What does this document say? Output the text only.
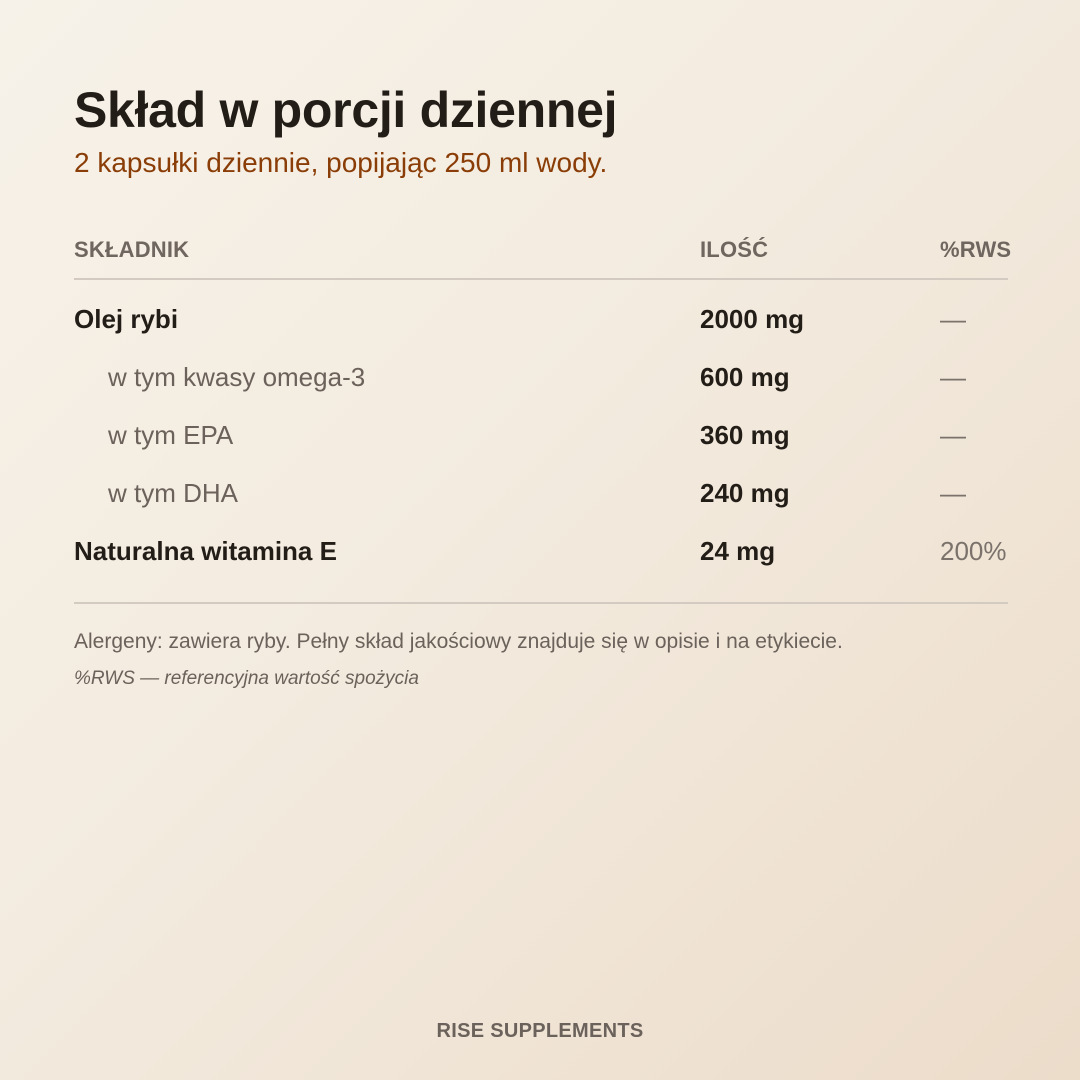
Skład w porcji dziennej

2 kapsułki dziennie, popijając 250 ml wody.

SKŁADNIK	ILOŚĆ	%RWS
Olej rybi	2000 mg	—
w tym kwasy omega-3	600 mg	—
w tym EPA	360 mg	—
w tym DHA	240 mg	—
Naturalna witamina E	24 mg	200%

Alergeny: zawiera ryby. Pełny skład jakościowy znajduje się w opisie i na etykiecie.

%RWS — referencyjna wartość spożycia

RISE SUPPLEMENTS
